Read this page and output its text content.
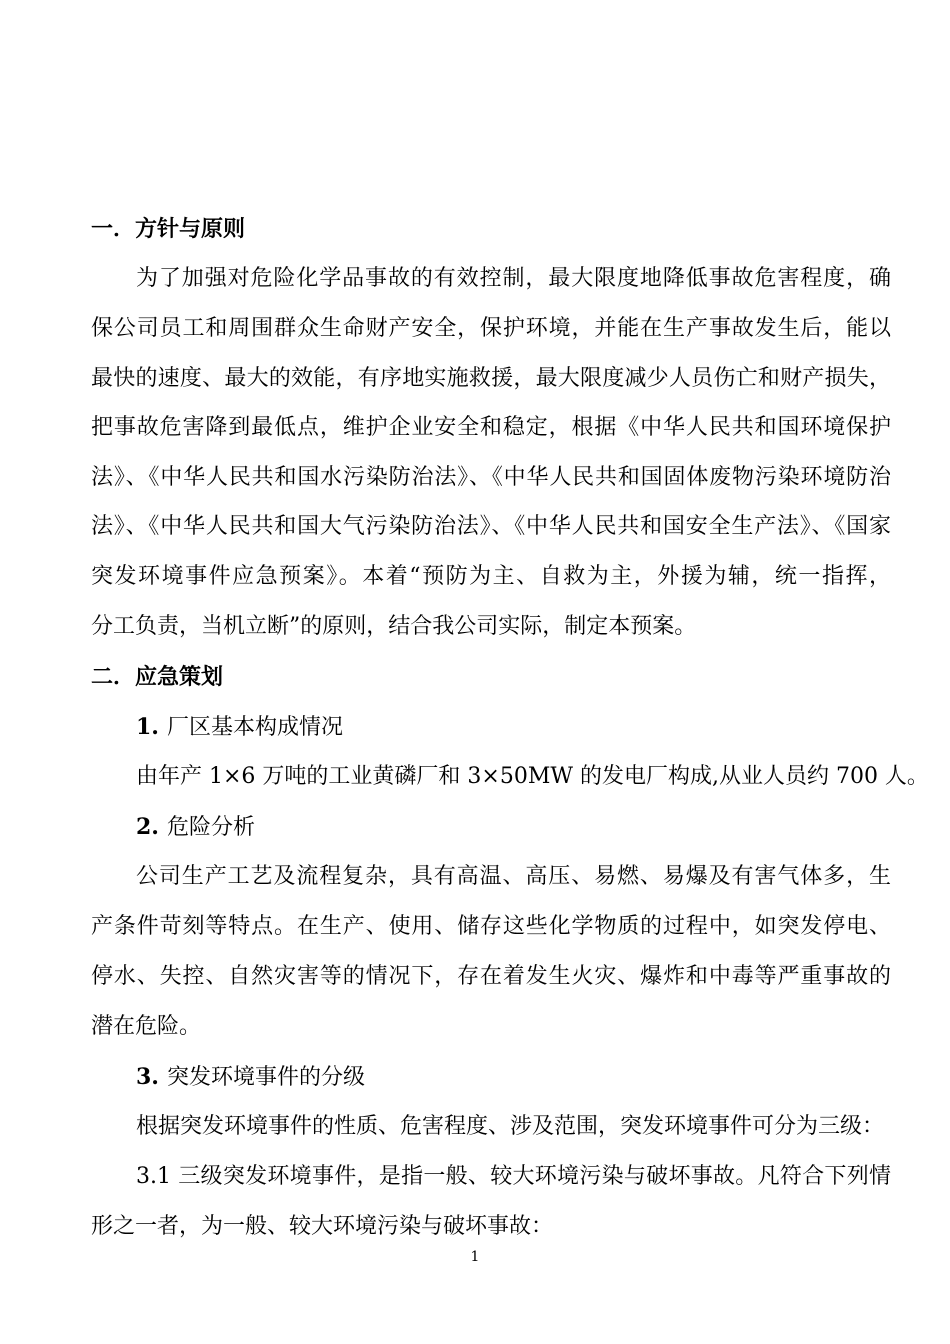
一．方针与原则
为了加强对危险化学品事故的有效控制，最大限度地降低事故危害程度，确
保公司员工和周围群众生命财产安全，保护环境，并能在生产事故发生后，能以
最快的速度、最大的效能，有序地实施救援，最大限度减少人员伤亡和财产损失，
把事故危害降到最低点，维护企业安全和稳定，根据《中华人民共和国环境保护
法》、《中华人民共和国水污染防治法》、《中华人民共和国固体废物污染环境防治
法》、《中华人民共和国大气污染防治法》、《中华人民共和国安全生产法》、《国家
突发环境事件应急预案》。本着“预防为主、自救为主，外援为辅，统一指挥，
分工负责，当机立断”的原则，结合我公司实际，制定本预案。
二．应急策划
1. 厂区基本构成情况
由年产 1×6 万吨的工业黄磷厂和 3×50MW 的发电厂构成,从业人员约 700 人。
2. 危险分析
公司生产工艺及流程复杂，具有高温、高压、易燃、易爆及有害气体多，生
产条件苛刻等特点。在生产、使用、储存这些化学物质的过程中，如突发停电、
停水、失控、自然灾害等的情况下，存在着发生火灾、爆炸和中毒等严重事故的
潜在危险。
3. 突发环境事件的分级
根据突发环境事件的性质、危害程度、涉及范围，突发环境事件可分为三级：
3.1 三级突发环境事件，是指一般、较大环境污染与破坏事故。凡符合下列情
形之一者，为一般、较大环境污染与破坏事故：
1
